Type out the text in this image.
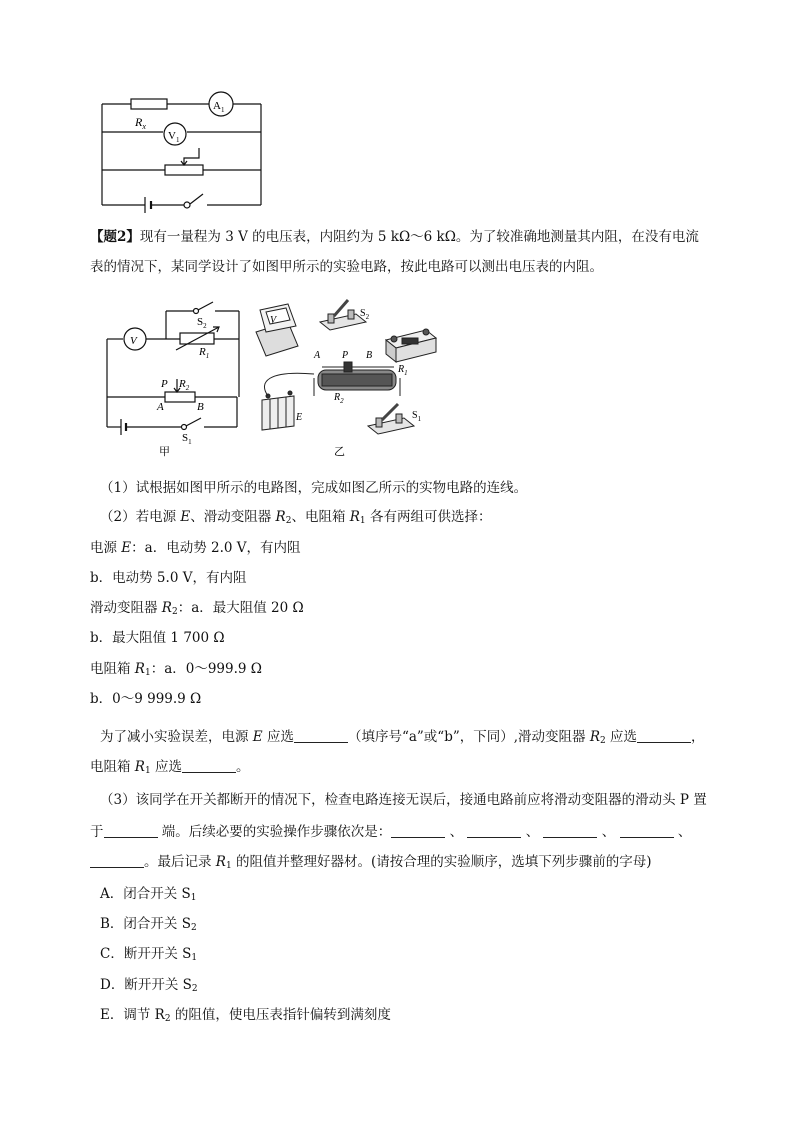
$R_x$
$A_1$
$V_1$
【题2】现有一量程为 3 V 的电压表，内阻约为 5 kΩ～6 kΩ。为了较准确地测量其内阻，在没有电流
表的情况下，某同学设计了如图甲所示的实验电路，按此电路可以测出电压表的内阻。
V
$S_2$
$R_1$
P $R_2$
A	B
$S_1$
甲
V
$S_2$
$R_1$
A P B
$R_2$
E	$S_1$
乙
（1）试根据如图甲所示的电路图，完成如图乙所示的实物电路的连线。
（2）若电源 E、滑动变阻器 $R_2$、电阻箱 $R_1$ 各有两组可供选择：
电源 E：a．电动势 2.0 V，有内阻
b．电动势 5.0 V，有内阻
滑动变阻器 $R_2$：a．最大阻值 20 Ω
b．最大阻值 1 700 Ω
电阻箱 $R_1$：a．0～999.9 Ω
b．0～9 999.9 Ω
为了减小实验误差，电源 E 应选	（填序号“a”或“b”，下同）,滑动变阻器 $R_2$ 应选	，
电阻箱 $R_1$ 应选	。
（3）该同学在开关都断开的情况下，检查电路连接无误后，接通电路前应将滑动变阻器的滑动头 P 置
于	端。后续必要的实验操作步骤依次是：	、	、	、	、
。最后记录 $R_1$ 的阻值并整理好器材。(请按合理的实验顺序，选填下列步骤前的字母)
A．闭合开关 $S_1$
B．闭合开关 $S_2$
C．断开开关 $S_1$
D．断开开关 $S_2$
E．调节 $R_2$ 的阻值，使电压表指针偏转到满刻度
